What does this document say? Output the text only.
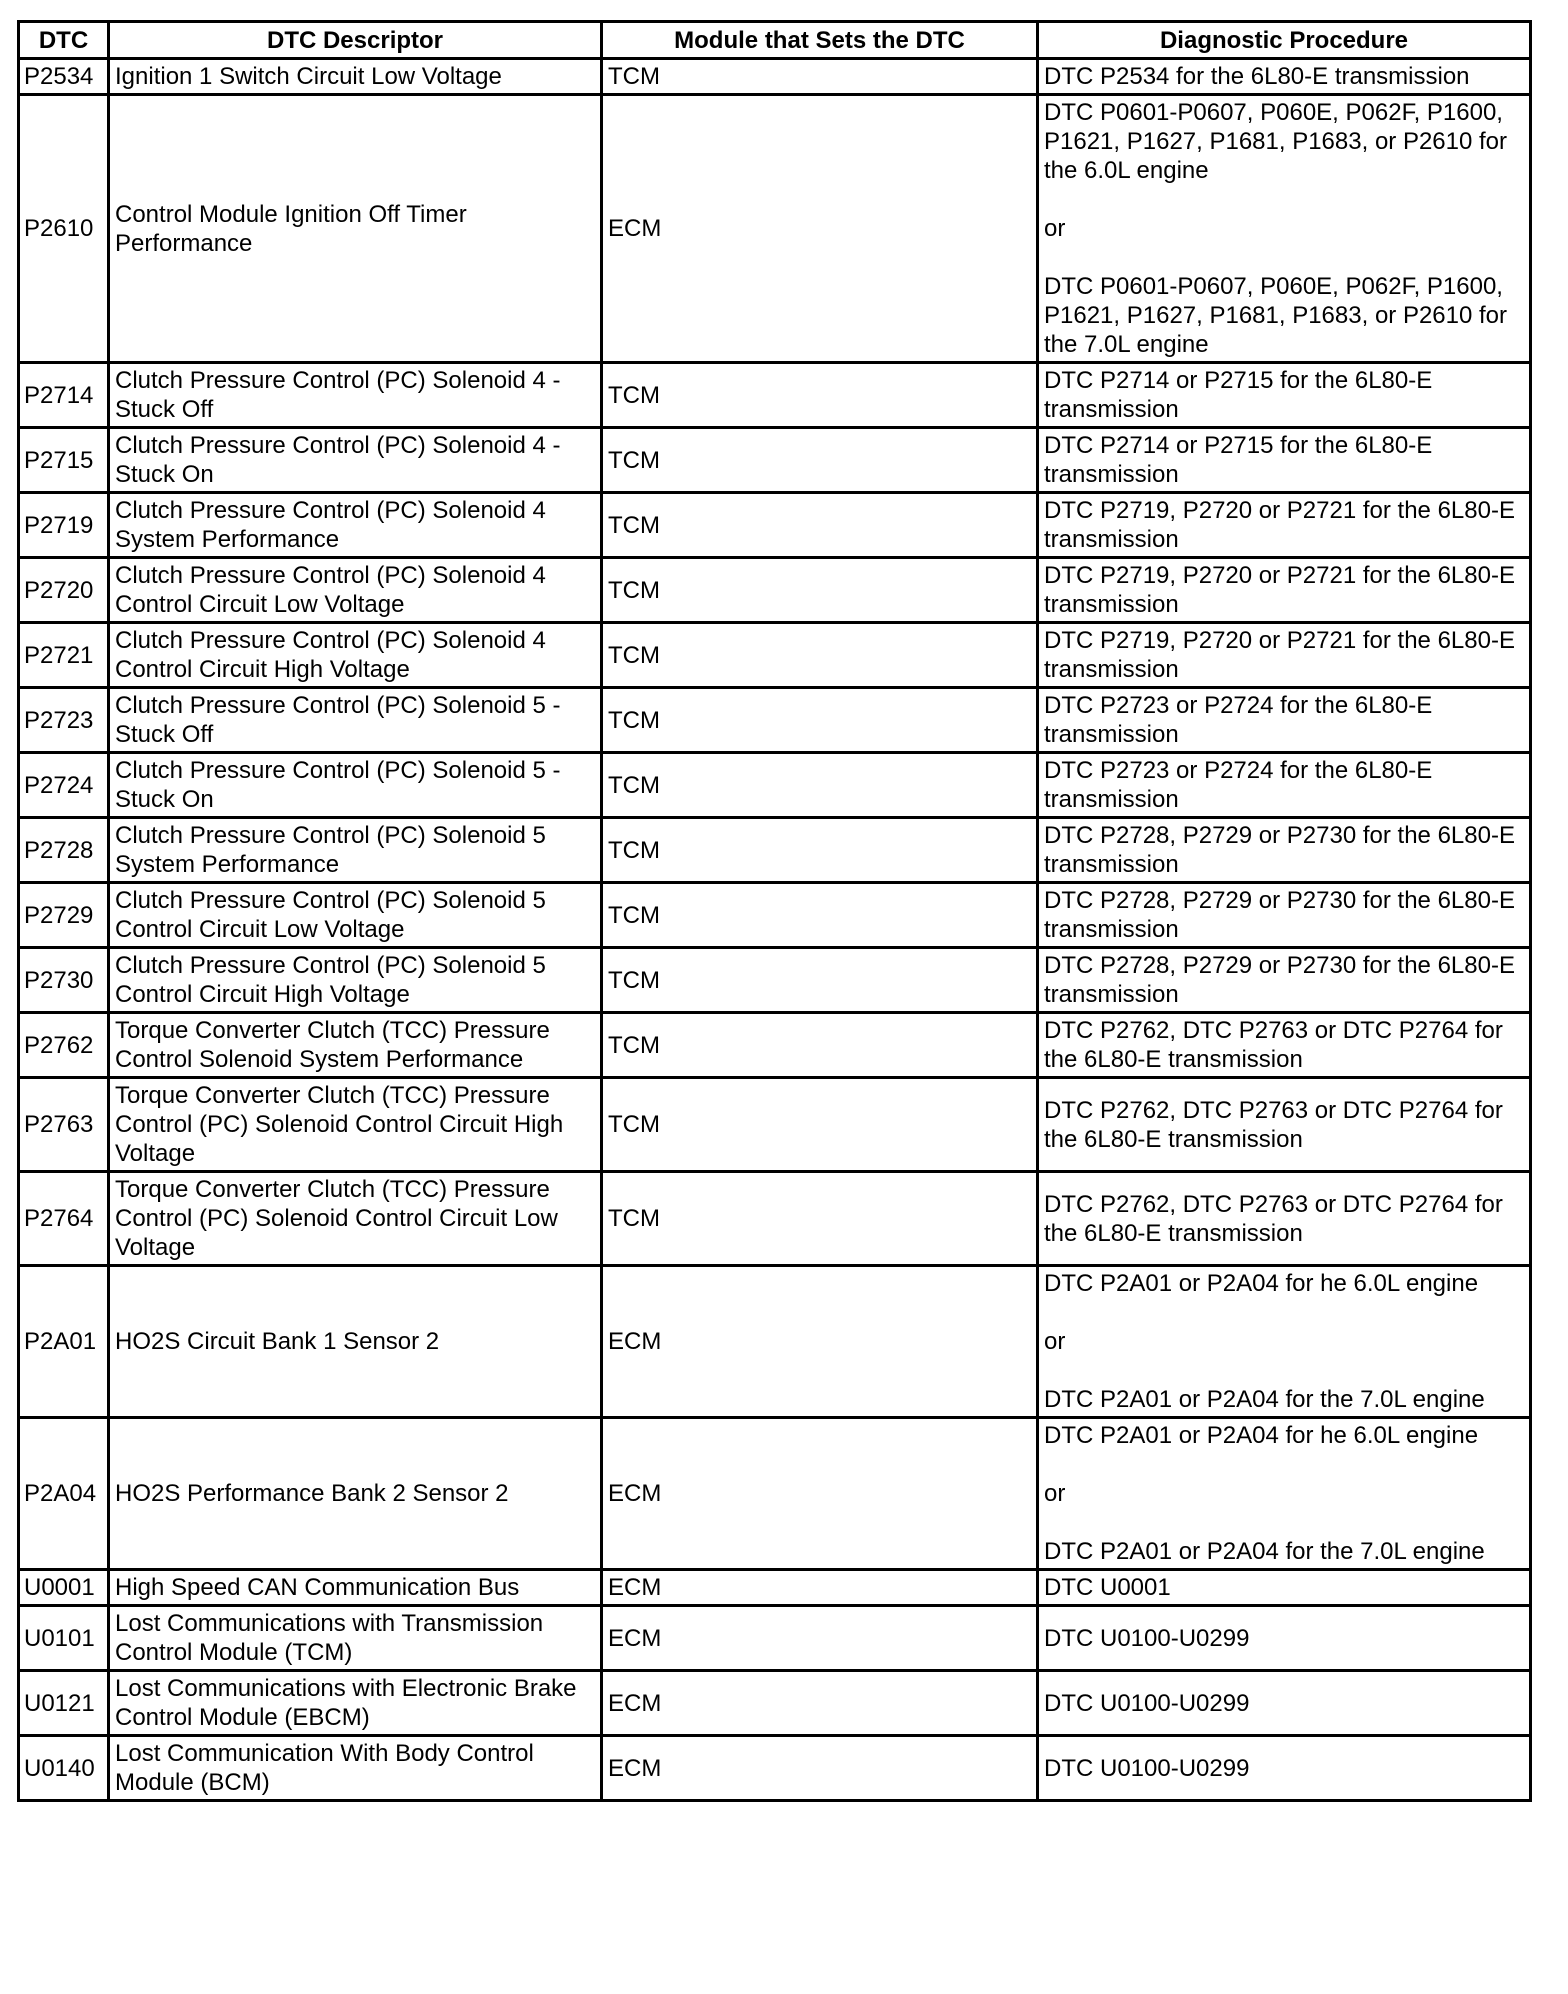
DTC	DTC Descriptor	Module that Sets the DTC	Diagnostic Procedure
P2534	Ignition 1 Switch Circuit Low Voltage	TCM	DTC P2534 for the 6L80-E transmission

P2610	Control Module Ignition Off Timer Performance	ECM	DTC P0601-P0607, P060E, P062F, P1600, P1621, P1627, P1681, P1683, or P2610 for the 6.0L engine
or
DTC P0601-P0607, P060E, P062F, P1600, P1621, P1627, P1681, P1683, or P2610 for the 7.0L engine

P2714	Clutch Pressure Control (PC) Solenoid 4 - Stuck Off	TCM	DTC P2714 or P2715 for the 6L80-E transmission

P2715	Clutch Pressure Control (PC) Solenoid 4 - Stuck On	TCM	DTC P2714 or P2715 for the 6L80-E transmission

P2719	Clutch Pressure Control (PC) Solenoid 4 System Performance	TCM	DTC P2719, P2720 or P2721 for the 6L80-E transmission

P2720	Clutch Pressure Control (PC) Solenoid 4 Control Circuit Low Voltage	TCM	DTC P2719, P2720 or P2721 for the 6L80-E transmission

P2721	Clutch Pressure Control (PC) Solenoid 4 Control Circuit High Voltage	TCM	DTC P2719, P2720 or P2721 for the 6L80-E transmission

P2723	Clutch Pressure Control (PC) Solenoid 5 - Stuck Off	TCM	DTC P2723 or P2724 for the 6L80-E transmission

P2724	Clutch Pressure Control (PC) Solenoid 5 - Stuck On	TCM	DTC P2723 or P2724 for the 6L80-E transmission

P2728	Clutch Pressure Control (PC) Solenoid 5 System Performance	TCM	DTC P2728, P2729 or P2730 for the 6L80-E transmission

P2729	Clutch Pressure Control (PC) Solenoid 5 Control Circuit Low Voltage	TCM	DTC P2728, P2729 or P2730 for the 6L80-E transmission

P2730	Clutch Pressure Control (PC) Solenoid 5 Control Circuit High Voltage	TCM	DTC P2728, P2729 or P2730 for the 6L80-E transmission

P2762	Torque Converter Clutch (TCC) Pressure Control Solenoid System Performance	TCM	DTC P2762, DTC P2763 or DTC P2764 for the 6L80-E transmission

P2763	Torque Converter Clutch (TCC) Pressure Control (PC) Solenoid Control Circuit High Voltage	TCM	DTC P2762, DTC P2763 or DTC P2764 for the 6L80-E transmission

P2764	Torque Converter Clutch (TCC) Pressure Control (PC) Solenoid Control Circuit Low Voltage	TCM	DTC P2762, DTC P2763 or DTC P2764 for the 6L80-E transmission

P2A01	HO2S Circuit Bank 1 Sensor 2	ECM	DTC P2A01 or P2A04 for he 6.0L engine
or
DTC P2A01 or P2A04 for the 7.0L engine

P2A04	HO2S Performance Bank 2 Sensor 2	ECM	DTC P2A01 or P2A04 for he 6.0L engine
or
DTC P2A01 or P2A04 for the 7.0L engine

U0001	High Speed CAN Communication Bus	ECM	DTC U0001

U0101	Lost Communications with Transmission Control Module (TCM)	ECM	DTC U0100-U0299

U0121	Lost Communications with Electronic Brake Control Module (EBCM)	ECM	DTC U0100-U0299

U0140	Lost Communication With Body Control Module (BCM)	ECM	DTC U0100-U0299
